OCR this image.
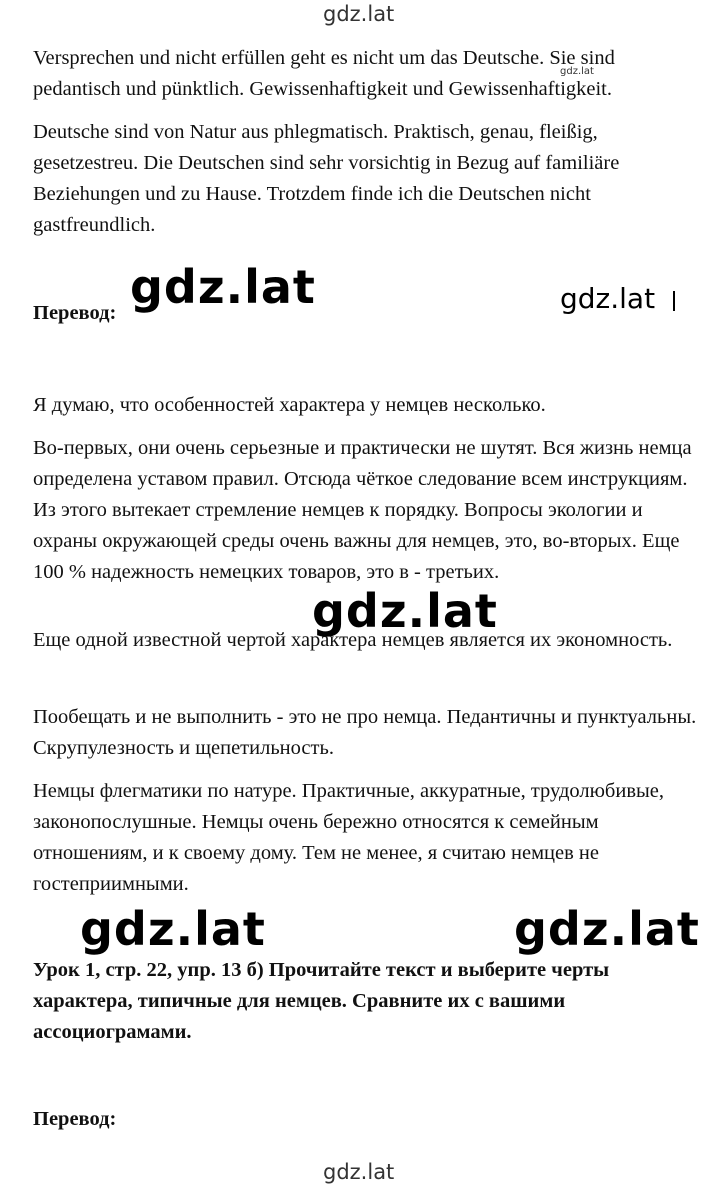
gdz.lat
gdz.lat
gdz.lat	gdz.lat
gdz.lat
gdz.lat	gdz.lat
gdz.lat

Versprechen und nicht erfüllen geht es nicht um das Deutsche. Sie sind pedantisch und pünktlich. Gewissenhaftigkeit und Gewissenhaftigkeit.

Deutsche sind von Natur aus phlegmatisch. Praktisch, genau, fleißig, gesetzestreu. Die Deutschen sind sehr vorsichtig in Bezug auf familiäre Beziehungen und zu Hause. Trotzdem finde ich die Deutschen nicht gastfreundlich.

Перевод:

Я думаю, что особенностей характера у немцев несколько.

Во-первых, они очень серьезные и практически не шутят. Вся жизнь немца определена уставом правил. Отсюда чёткое следование всем инструкциям. Из этого вытекает стремление немцев к порядку. Вопросы экологии и охраны окружающей среды очень важны для немцев, это, во-вторых. Еще 100 % надежность немецких товаров, это в - третьих.

Еще одной известной чертой характера немцев является их экономность.

Пообещать и не выполнить - это не про немца. Педантичны и пунктуальны. Скрупулезность и щепетильность.

Немцы флегматики по натуре. Практичные, аккуратные, трудолюбивые, законопослушные. Немцы очень бережно относятся к семейным отношениям, и к своему дому. Тем не менее, я считаю немцев не гостеприимными.

Урок 1, стр. 22, упр. 13 б) Прочитайте текст и выберите черты характера, типичные для немцев. Сравните их с вашими ассоциограмами.

Перевод:
